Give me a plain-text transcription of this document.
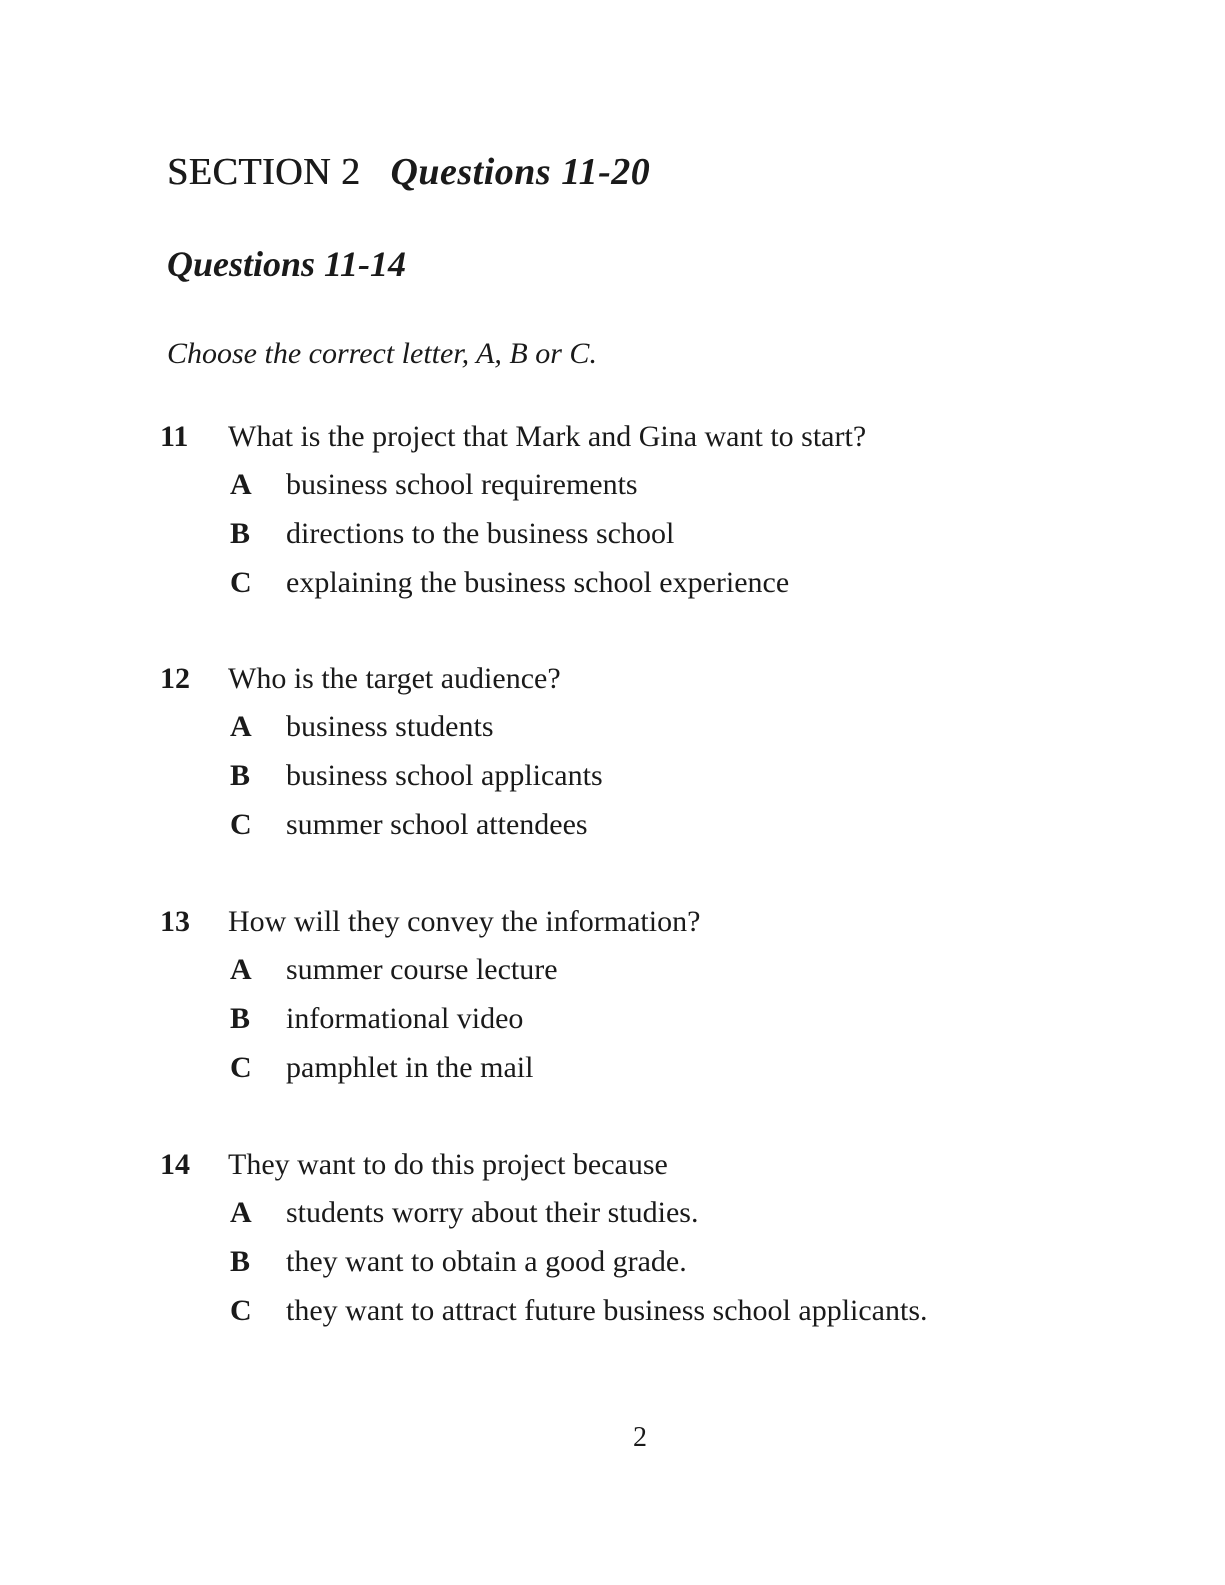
SECTION 2 Questions 11-20
Questions 11-14
Choose the correct letter, A, B or C.
11	What is the project that Mark and Gina want to start?
A	business school requirements
B	directions to the business school
C	explaining the business school experience
12	Who is the target audience?
A	business students
B	business school applicants
C	summer school attendees
13	How will they convey the information?
A	summer course lecture
B	informational video
C	pamphlet in the mail
14	They want to do this project because
A	students worry about their studies.
B	they want to obtain a good grade.
C	they want to attract future business school applicants.
2
